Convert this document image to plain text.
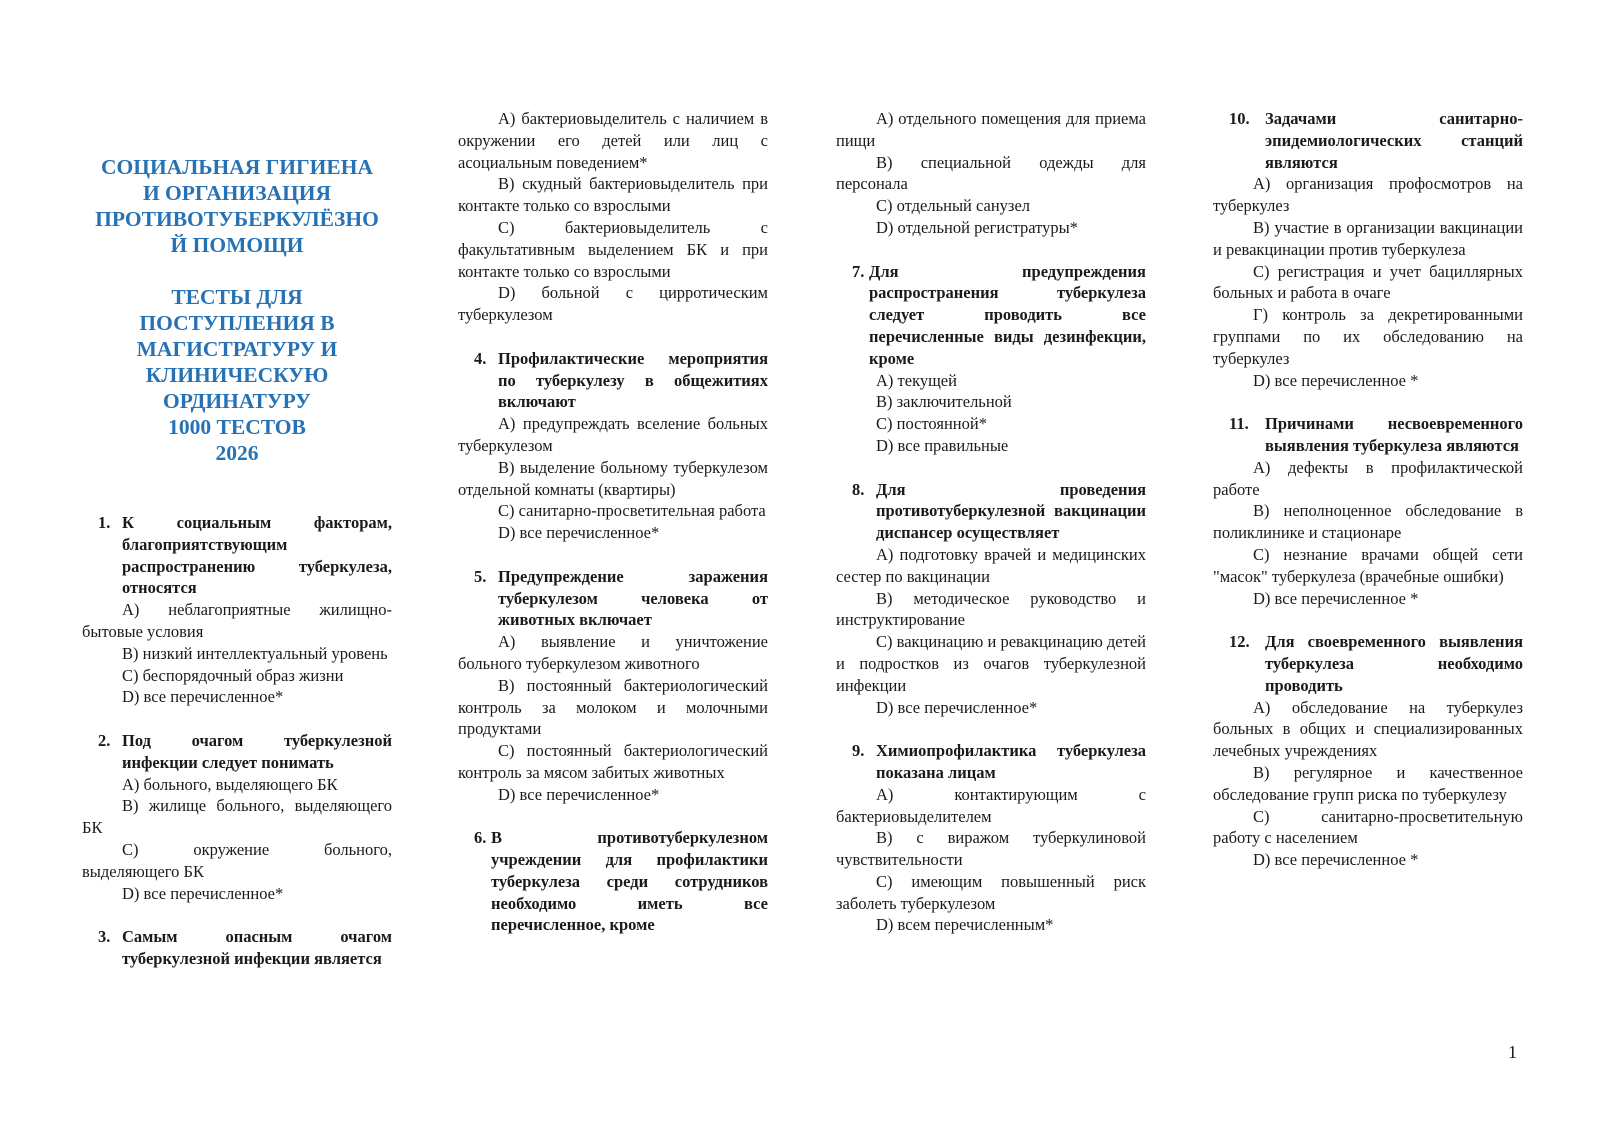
СОЦИАЛЬНАЯ ГИГИЕНА
И ОРГАНИЗАЦИЯ
ПРОТИВОТУБЕРКУЛЁЗНО
Й ПОМОЩИ
ТЕСТЫ ДЛЯ
ПОСТУПЛЕНИЯ В
МАГИСТРАТУРУ И
КЛИНИЧЕСКУЮ
ОРДИНАТУРУ
1000 ТЕСТОВ
2026
1. К социальным факторам, благоприятствующим распространению туберкулеза, относятся
A) неблагоприятные жилищно-бытовые условия
B) низкий интеллектуальный уровень
C) беспорядочный образ жизни
D) все перечисленное*
2. Под очагом туберкулезной инфекции следует понимать
A) больного, выделяющего БК
B) жилище больного, выделяющего БК
C) окружение больного, выделяющего БК
D) все перечисленное*
3. Самым опасным очагом туберкулезной инфекции является
A) бактериовыделитель с наличием в окружении его детей или лиц с асоциальным поведением*
B) скудный бактериовыделитель при контакте только со взрослыми
C) бактериовыделитель с факультативным выделением БК и при контакте только со взрослыми
D) больной с цирротическим туберкулезом
4. Профилактические мероприятия по туберкулезу в общежитиях включают
A) предупреждать вселение больных туберкулезом
B) выделение больному туберкулезом отдельной комнаты (квартиры)
C) санитарно-просветительная работа
D) все перечисленное*
5. Предупреждение заражения туберкулезом человека от животных включает
A) выявление и уничтожение больного туберкулезом животного
B) постоянный бактериологический контроль за молоком и молочными продуктами
C) постоянный бактериологический контроль за мясом забитых животных
D) все перечисленное*
6. В противотуберкулезном учреждении для профилактики туберкулеза среди сотрудников необходимо иметь все перечисленное, кроме
A) отдельного помещения для приема пищи
B) специальной одежды для персонала
C) отдельный санузел
D) отдельной регистратуры*
7. Для предупреждения распространения туберкулеза следует проводить все перечисленные виды дезинфекции, кроме
A) текущей
B) заключительной
C) постоянной*
D) все правильные
8. Для проведения противотуберкулезной вакцинации диспансер осуществляет
A) подготовку врачей и медицинских сестер по вакцинации
B) методическое руководство и инструктирование
C) вакцинацию и ревакцинацию детей и подростков из очагов туберкулезной инфекции
D) все перечисленное*
9. Химиопрофилактика туберкулеза показана лицам
A) контактирующим с бактериовыделителем
B) с виражом туберкулиновой чувствительности
C) имеющим повышенный риск заболеть туберкулезом
D) всем перечисленным*
10. Задачами санитарно-эпидемиологических станций являются
A) организация профосмотров на туберкулез
B) участие в организации вакцинации и ревакцинации против туберкулеза
C) регистрация и учет бациллярных больных и работа в очаге
Г) контроль за декретированными группами по их обследованию на туберкулез
D) все перечисленное *
11. Причинами несвоевременного выявления туберкулеза являются
A) дефекты в профилактической работе
B) неполноценное обследование в поликлинике и стационаре
C) незнание врачами общей сети "масок" туберкулеза (врачебные ошибки)
D) все перечисленное *
12. Для своевременного выявления туберкулеза необходимо проводить
A) обследование на туберкулез больных в общих и специализированных лечебных учреждениях
B) регулярное и качественное обследование групп риска по туберкулезу
C) санитарно-просветительную работу с населением
D) все перечисленное *
1
